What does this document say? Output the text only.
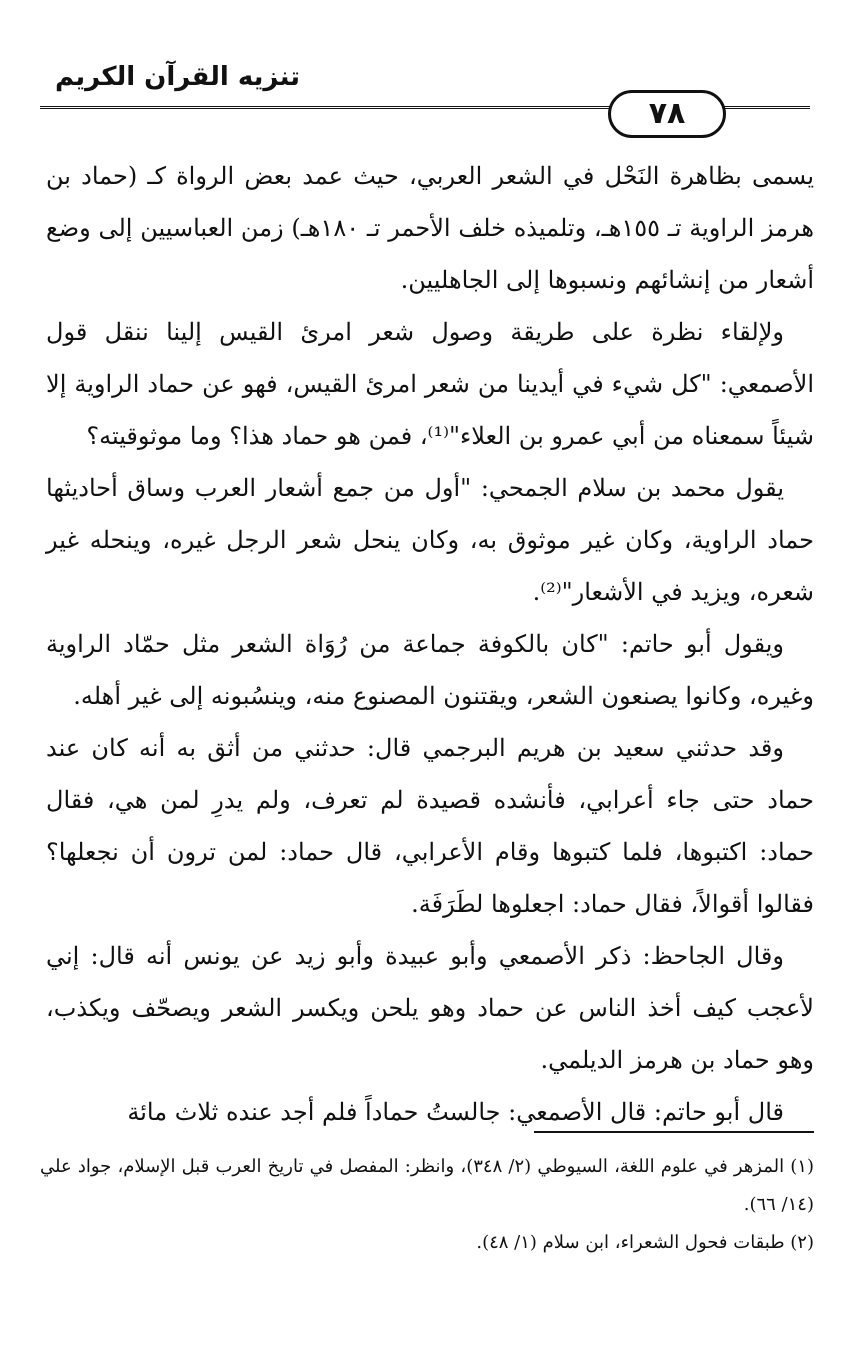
تنزيه القرآن الكريم
٧٨

يسمى بظاهرة النَحْل في الشعر العربي، حيث عمد بعض الرواة كـ (حماد بن هرمز الراوية تـ ١٥٥هـ، وتلميذه خلف الأحمر تـ ١٨٠هـ) زمن العباسيين إلى وضع أشعار من إنشائهم ونسبوها إلى الجاهليين.

ولإلقاء نظرة على طريقة وصول شعر امرئ القيس إلينا ننقل قول الأصمعي: "كل شيء في أيدينا من شعر امرئ القيس، فهو عن حماد الراوية إلا شيئاً سمعناه من أبي عمرو بن العلاء"⁽¹⁾، فمن هو حماد هذا؟ وما موثوقيته؟

يقول محمد بن سلام الجمحي: "أول من جمع أشعار العرب وساق أحاديثها حماد الراوية، وكان غير موثوق به، وكان ينحل شعر الرجل غيره، وينحله غير شعره، ويزيد في الأشعار"⁽²⁾.

ويقول أبو حاتم: "كان بالكوفة جماعة من رُوَاة الشعر مثل حمّاد الراوية وغيره، وكانوا يصنعون الشعر، ويقتنون المصنوع منه، وينسُبونه إلى غير أهله.

وقد حدثني سعيد بن هريم البرجمي قال: حدثني من أثق به أنه كان عند حماد حتى جاء أعرابي، فأنشده قصيدة لم تعرف، ولم يدرِ لمن هي، فقال حماد: اكتبوها، فلما كتبوها وقام الأعرابي، قال حماد: لمن ترون أن نجعلها؟ فقالوا أقوالاً، فقال حماد: اجعلوها لطَرَفَة.

وقال الجاحظ: ذكر الأصمعي وأبو عبيدة وأبو زيد عن يونس أنه قال: إني لأعجب كيف أخذ الناس عن حماد وهو يلحن ويكسر الشعر ويصحّف ويكذب، وهو حماد بن هرمز الديلمي.

قال أبو حاتم: قال الأصمعي: جالستُ حماداً فلم أجد عنده ثلاث مائة

(١) المزهر في علوم اللغة، السيوطي (٢/ ٣٤٨)، وانظر: المفصل في تاريخ العرب قبل الإسلام، جواد علي (١٤/ ٦٦).

(٢) طبقات فحول الشعراء، ابن سلام (١/ ٤٨).
